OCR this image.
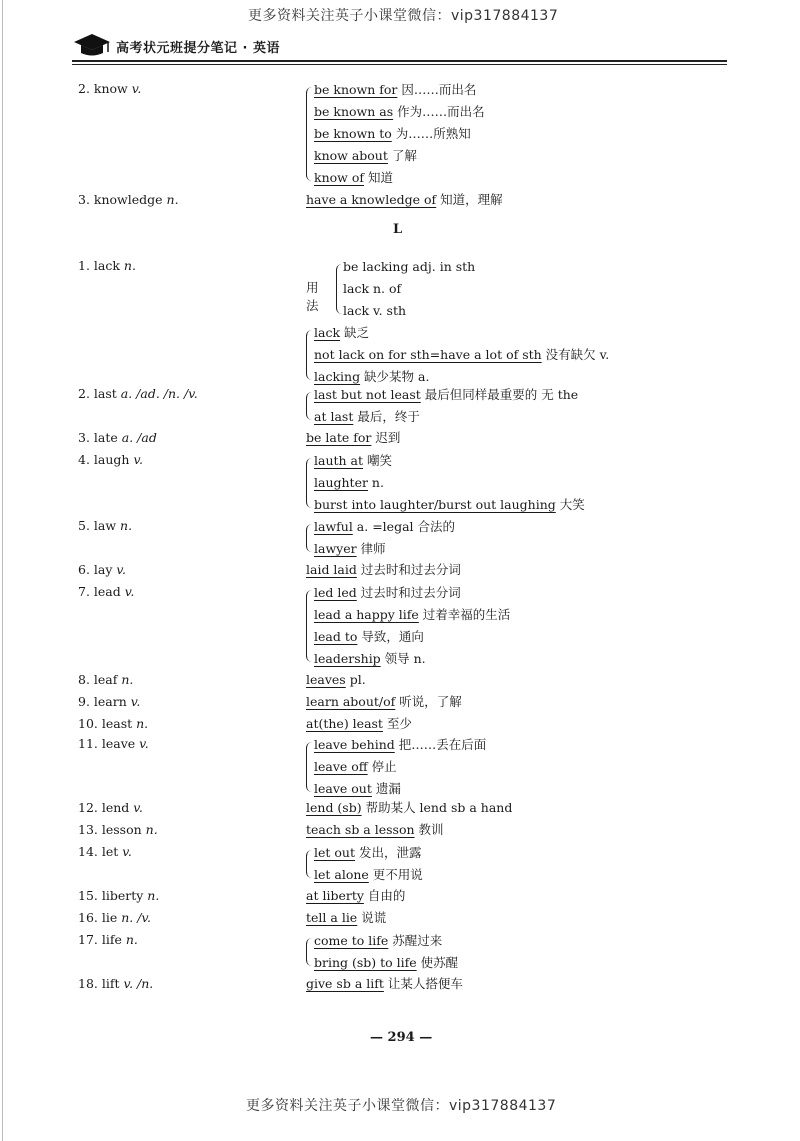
高考状元班提分笔记 · 英语
更多资料关注英子小课堂微信：vip317884137
L
2. know v.	be known for 因……而出名
be known as 作为……而出名
be known to 为……所熟知
know about 了解
know of 知道
3. knowledge n.	have a knowledge of 知道，理解
1. lack n.
用法
be lacking adj. in sth
lack n. of
lack v. sth
lack 缺乏
not lack on for sth=have a lot of sth 没有缺欠 v.
lacking 缺少某物 a.
2. last a. /ad. /n. /v.	last but not least 最后但同样最重要的 无 the
at last 最后，终于
3. late a. /ad	be late for 迟到
4. laugh v.	lauth at 嘲笑
laughter n.
burst into laughter/burst out laughing 大笑
5. law n.	lawful a. =legal 合法的
lawyer 律师
6. lay v.	laid laid 过去时和过去分词
7. lead v.	led led 过去时和过去分词
lead a happy life 过着幸福的生活
lead to 导致，通向
leadership 领导 n.
8. leaf n.	leaves pl.
9. learn v.	learn about/of 听说，了解
10. least n.	at(the) least 至少
11. leave v.	leave behind 把……丢在后面
leave off 停止
leave out 遗漏
12. lend v.	lend (sb) 帮助某人 lend sb a hand
13. lesson n.	teach sb a lesson 教训
14. let v.	let out 发出，泄露
let alone 更不用说
15. liberty n.	at liberty 自由的
16. lie n. /v.	tell a lie 说谎
17. life n.	come to life 苏醒过来
bring (sb) to life 使苏醒
18. lift v. /n.	give sb a lift 让某人搭便车
— 294 —
更多资料关注英子小课堂微信：vip317884137
